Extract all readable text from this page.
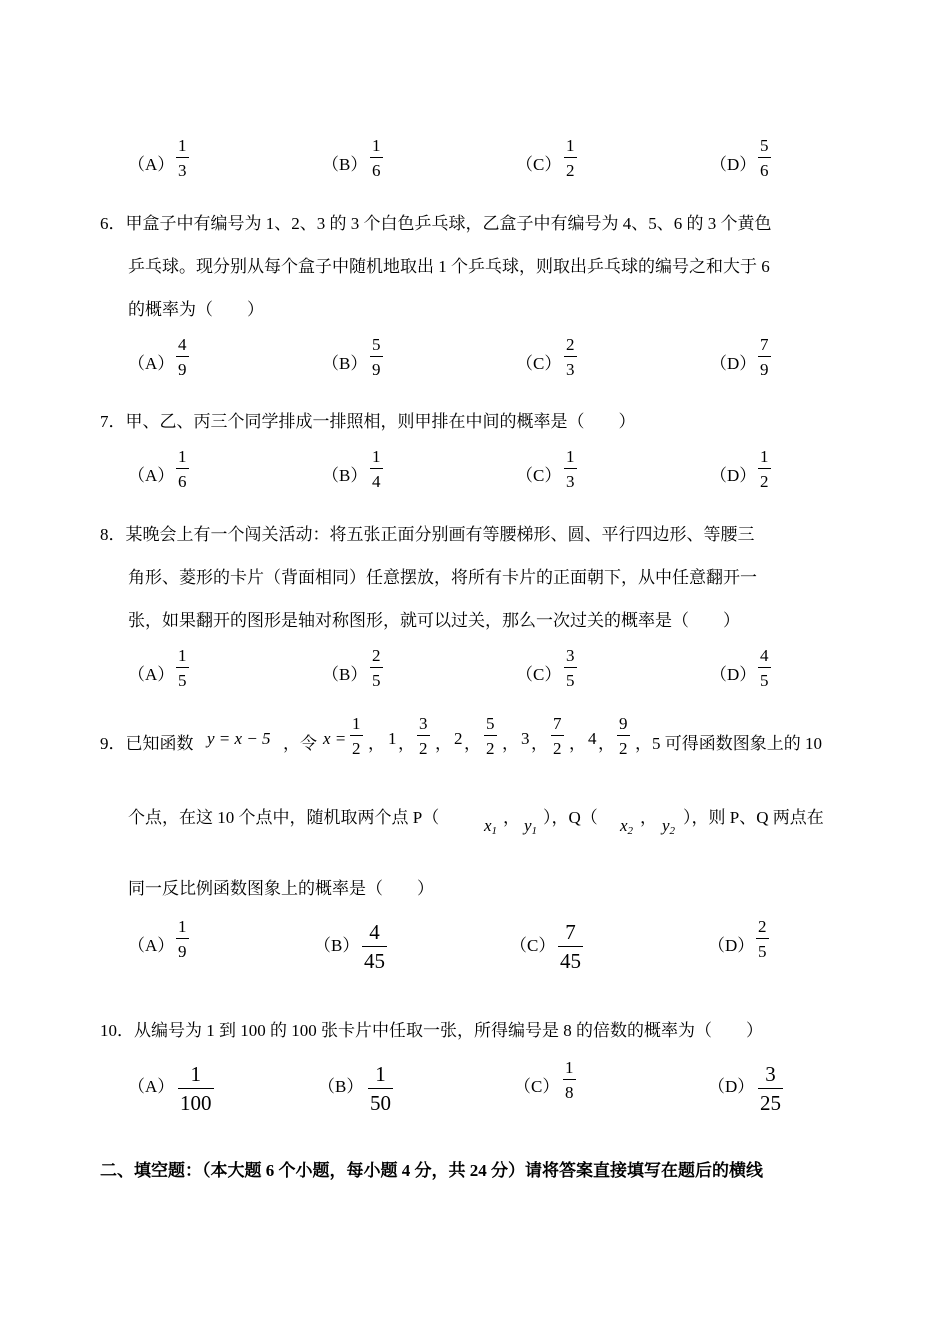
$(A) \frac{1}{3}$	$(B) \frac{1}{6}$	$(C) \frac{1}{2}$	$(D) \frac{5}{6}$
6．甲盒子中有编号为 1、2、3 的 3 个白色乒乓球，乙盒子中有编号为 4、5、6 的 3 个黄色
乒乓球。现分别从每个盒子中随机地取出 1 个乒乓球，则取出乒乓球的编号之和大于 6
的概率为（　　）
$(A) \frac{4}{9}$	$(B) \frac{5}{9}$	$(C) \frac{2}{3}$	$(D) \frac{7}{9}$
7．甲、乙、丙三个同学排成一排照相，则甲排在中间的概率是（　　）
$(A) \frac{1}{6}$	$(B) \frac{1}{4}$	$(C) \frac{1}{3}$	$(D) \frac{1}{2}$
8．某晚会上有一个闯关活动：将五张正面分别画有等腰梯形、圆、平行四边形、等腰三
角形、菱形的卡片（背面相同）任意摆放，将所有卡片的正面朝下，从中任意翻开一
张，如果翻开的图形是轴对称图形，就可以过关，那么一次过关的概率是（　　）
$(A) \frac{1}{5}$	$(B) \frac{2}{5}$	$(C) \frac{3}{5}$	$(D) \frac{4}{5}$
9．已知函数 y = x − 5 ，令 $x = \frac{1}{2}$ ， 1 ， $\frac{3}{2}$ ， 2 ， $\frac{5}{2}$ ， 3 ， $\frac{7}{2}$ ， 4 ， $\frac{9}{2}$ ，5 可得函数图象上的 10
个点，在这 10 个点中，随机取两个点 P（	x1
， y1
），Q（ x2
， y2
），则 P、Q 两点在
同一反比例函数图象上的概率是（　　）
$(A) \frac{1}{9}$	$(B) \frac{4}{45}$	$(C) \frac{7}{45}$	$(D) \frac{2}{5}$
10．从编号为 1 到 100 的 100 张卡片中任取一张，所得编号是 8 的倍数的概率为（　　）
$(A) \frac{1}{100}$	$(B) \frac{1}{50}$	$(C) \frac{1}{8}$	$(D) \frac{3}{25}$
二、填空题：（本大题 6 个小题，每小题 4 分，共 24 分）请将答案直接填写在题后的横线
